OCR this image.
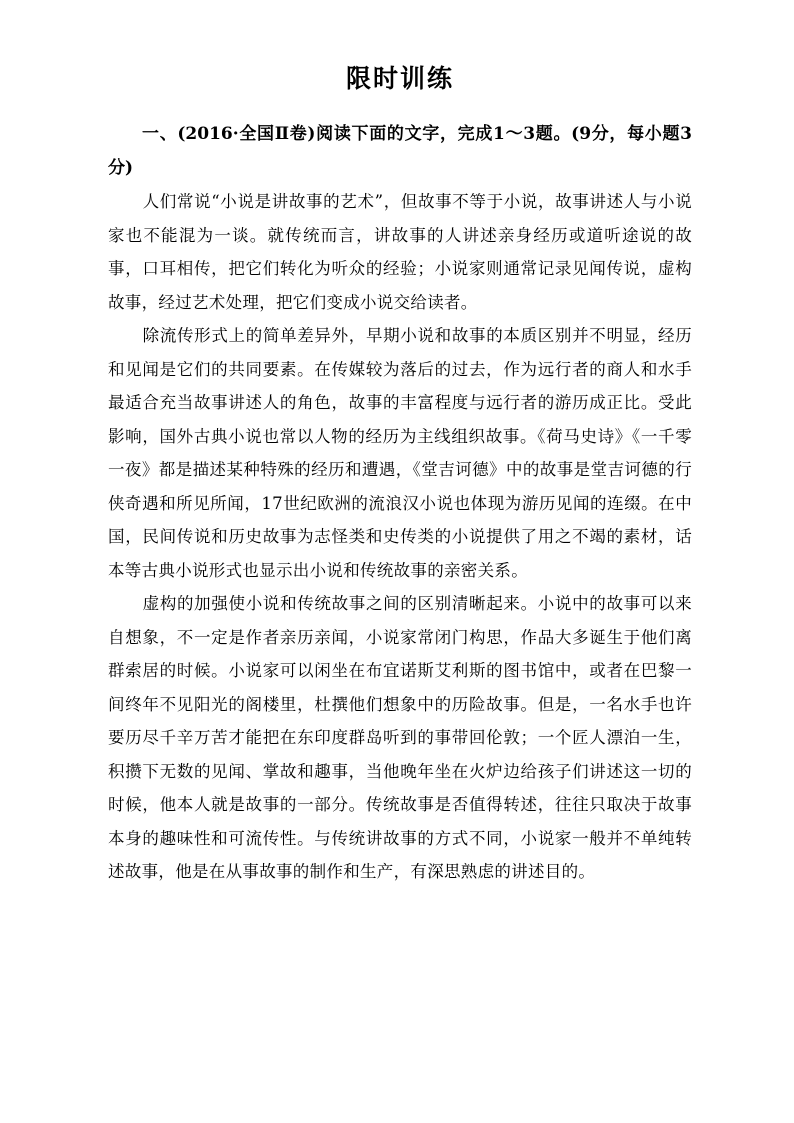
限时训练

一、(2016·全国Ⅱ卷)阅读下面的文字，完成1～3题。(9分，每小题3分)

人们常说“小说是讲故事的艺术”，但故事不等于小说，故事讲述人与小说家也不能混为一谈。就传统而言，讲故事的人讲述亲身经历或道听途说的故事，口耳相传，把它们转化为听众的经验；小说家则通常记录见闻传说，虚构故事，经过艺术处理，把它们变成小说交给读者。

除流传形式上的简单差异外，早期小说和故事的本质区别并不明显，经历和见闻是它们的共同要素。在传媒较为落后的过去，作为远行者的商人和水手最适合充当故事讲述人的角色，故事的丰富程度与远行者的游历成正比。受此影响，国外古典小说也常以人物的经历为主线组织故事。《荷马史诗》《一千零一夜》都是描述某种特殊的经历和遭遇，《堂吉诃德》中的故事是堂吉诃德的行侠奇遇和所见所闻，17世纪欧洲的流浪汉小说也体现为游历见闻的连缀。在中国，民间传说和历史故事为志怪类和史传类的小说提供了用之不竭的素材，话本等古典小说形式也显示出小说和传统故事的亲密关系。

虚构的加强使小说和传统故事之间的区别清晰起来。小说中的故事可以来自想象，不一定是作者亲历亲闻，小说家常闭门构思，作品大多诞生于他们离群索居的时候。小说家可以闲坐在布宜诺斯艾利斯的图书馆中，或者在巴黎一间终年不见阳光的阁楼里，杜撰他们想象中的历险故事。但是，一名水手也许要历尽千辛万苦才能把在东印度群岛听到的事带回伦敦；一个匠人漂泊一生，积攒下无数的见闻、掌故和趣事，当他晚年坐在火炉边给孩子们讲述这一切的时候，他本人就是故事的一部分。传统故事是否值得转述，往往只取决于故事本身的趣味性和可流传性。与传统讲故事的方式不同，小说家一般并不单纯转述故事，他是在从事故事的制作和生产，有深思熟虑的讲述目的。
